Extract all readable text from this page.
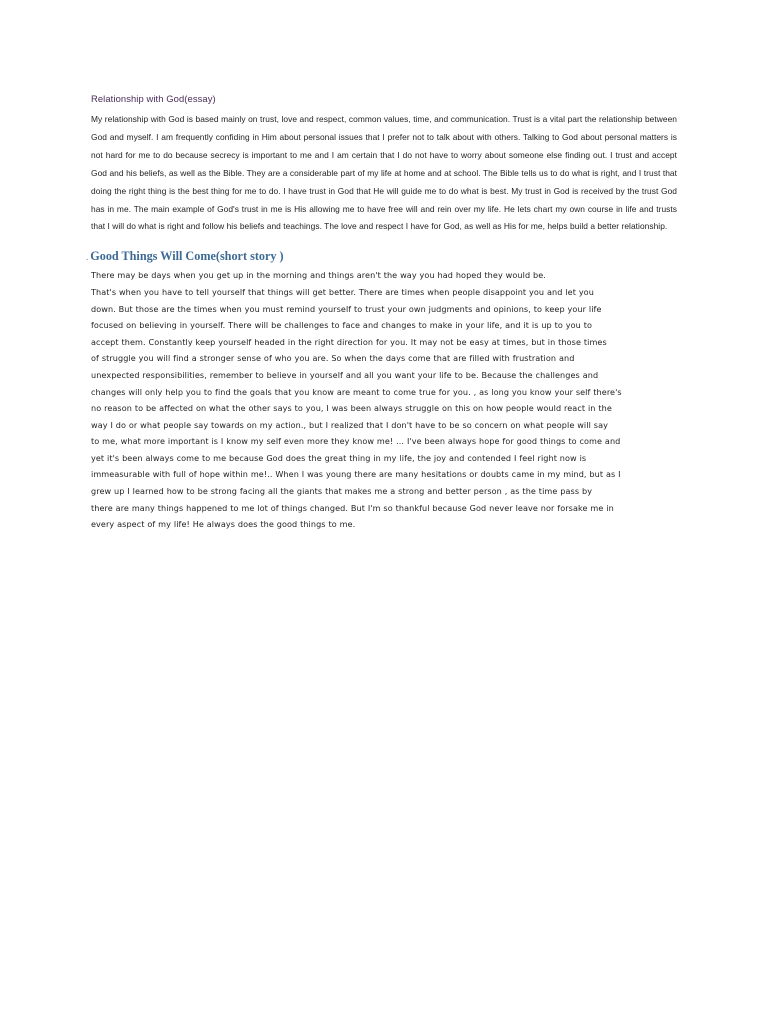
Relationship with God(essay)

My relationship with God is based mainly on trust, love and respect, common values, time, and communication. Trust is a vital part the relationship between God and myself. I am frequently confiding in Him about personal issues that I prefer not to talk about with others. Talking to God about personal matters is not hard for me to do because secrecy is important to me and I am certain that I do not have to worry about someone else finding out. I trust and accept God and his beliefs, as well as the Bible. They are a considerable part of my life at home and at school. The Bible tells us to do what is right, and I trust that doing the right thing is the best thing for me to do. I have trust in God that He will guide me to do what is best. My trust in God is received by the trust God has in me. The main example of God's trust in me is His allowing me to have free will and rein over my life. He lets chart my own course in life and trusts that I will do what is right and follow his beliefs and teachings. The love and respect I have for God, as well as His for me, helps build a better relationship.

. Good Things Will Come(short story )
There may be days when you get up in the morning and things aren't the way you had hoped they would be.
That's when you have to tell yourself that things will get better. There are times when people disappoint you and let you
down. But those are the times when you must remind yourself to trust your own judgments and opinions, to keep your life
focused on believing in yourself. There will be challenges to face and changes to make in your life, and it is up to you to
accept them. Constantly keep yourself headed in the right direction for you. It may not be easy at times, but in those times
of struggle you will find a stronger sense of who you are. So when the days come that are filled with frustration and
unexpected responsibilities, remember to believe in yourself and all you want your life to be. Because the challenges and
changes will only help you to find the goals that you know are meant to come true for you. , as long you know your self there's
no reason to be affected on what the other says to you, I was been always struggle on this on how people would react in the
way I do or what people say towards on my action., but I realized that I don't have to be so concern on what people will say
to me, what more important is I know my self even more they know me! ... I've been always hope for good things to come and
yet it's been always come to me because God does the great thing in my life, the joy and contended I feel right now is
immeasurable with full of hope within me!.. When I was young there are many hesitations or doubts came in my mind, but as I
grew up I learned how to be strong facing all the giants that makes me a strong and better person , as the time pass by
there are many things happened to me lot of things changed. But I'm so thankful because God never leave nor forsake me in
every aspect of my life! He always does the good things to me.
